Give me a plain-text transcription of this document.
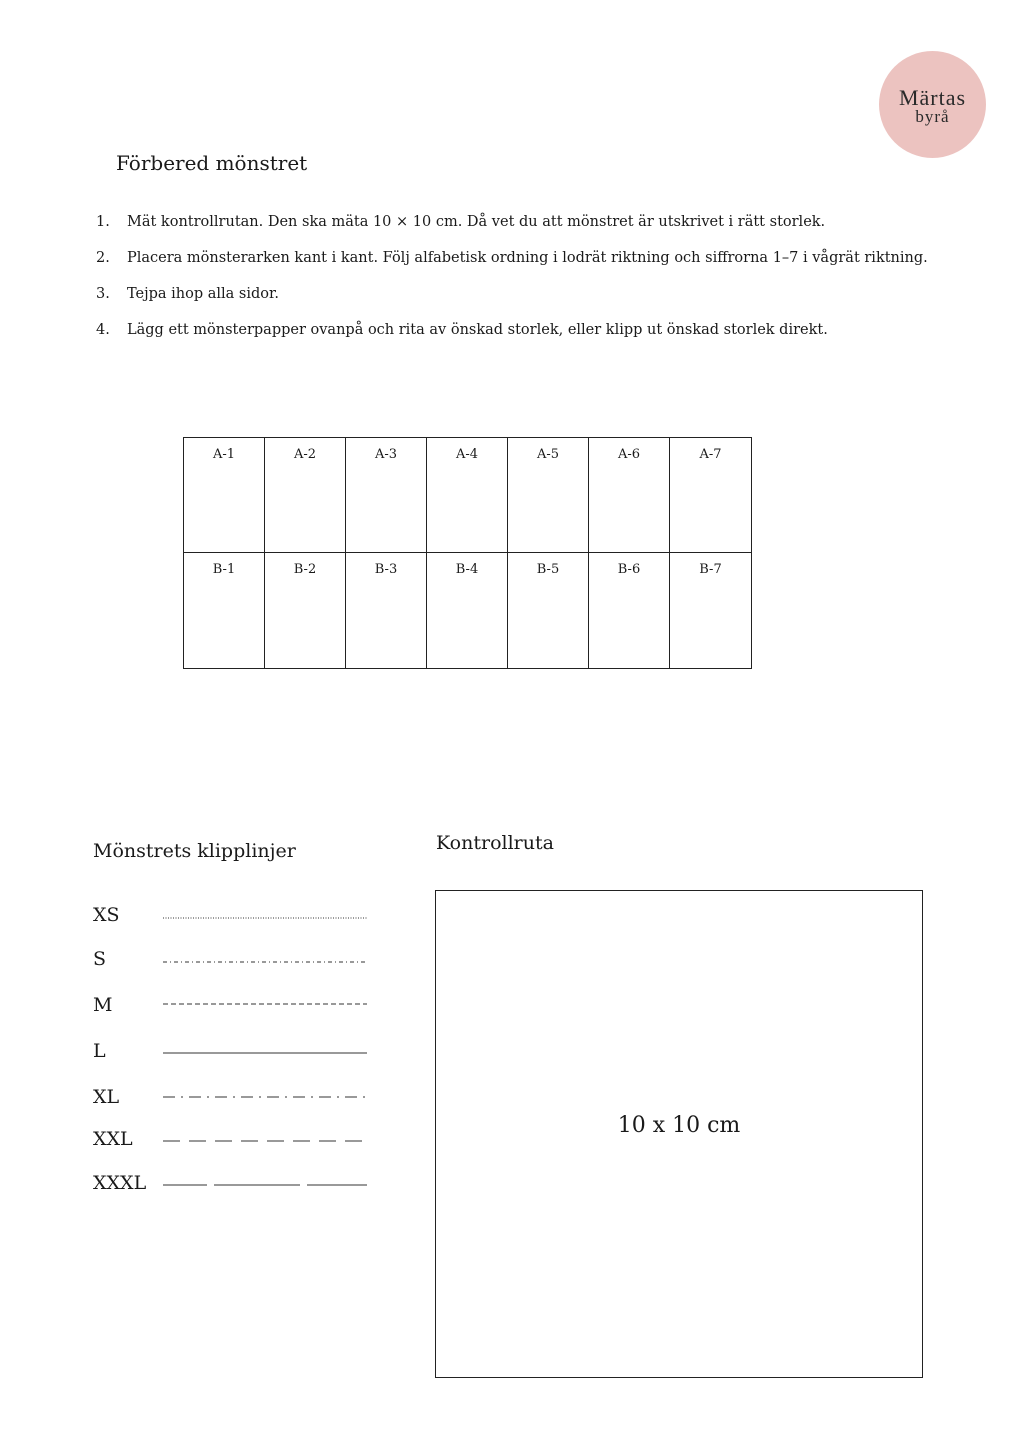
Märtas
byrå
Förbered mönstret
1.	Mät kontrollrutan. Den ska mäta 10 × 10 cm. Då vet du att mönstret är utskrivet i rätt storlek.
2.	Placera mönsterarken kant i kant. Följ alfabetisk ordning i lodrät riktning och siffrorna 1–7 i vågrät riktning.
3.	Tejpa ihop alla sidor.
4.	Lägg ett mönsterpapper ovanpå och rita av önskad storlek, eller klipp ut önskad storlek direkt.
A-1	A-2	A-3	A-4	A-5	A-6	A-7
B-1	B-2	B-3	B-4	B-5	B-6	B-7
Mönstrets klipplinjer
XS
S
M
L
XL
XXL
XXXL
Kontrollruta
10 x 10 cm
